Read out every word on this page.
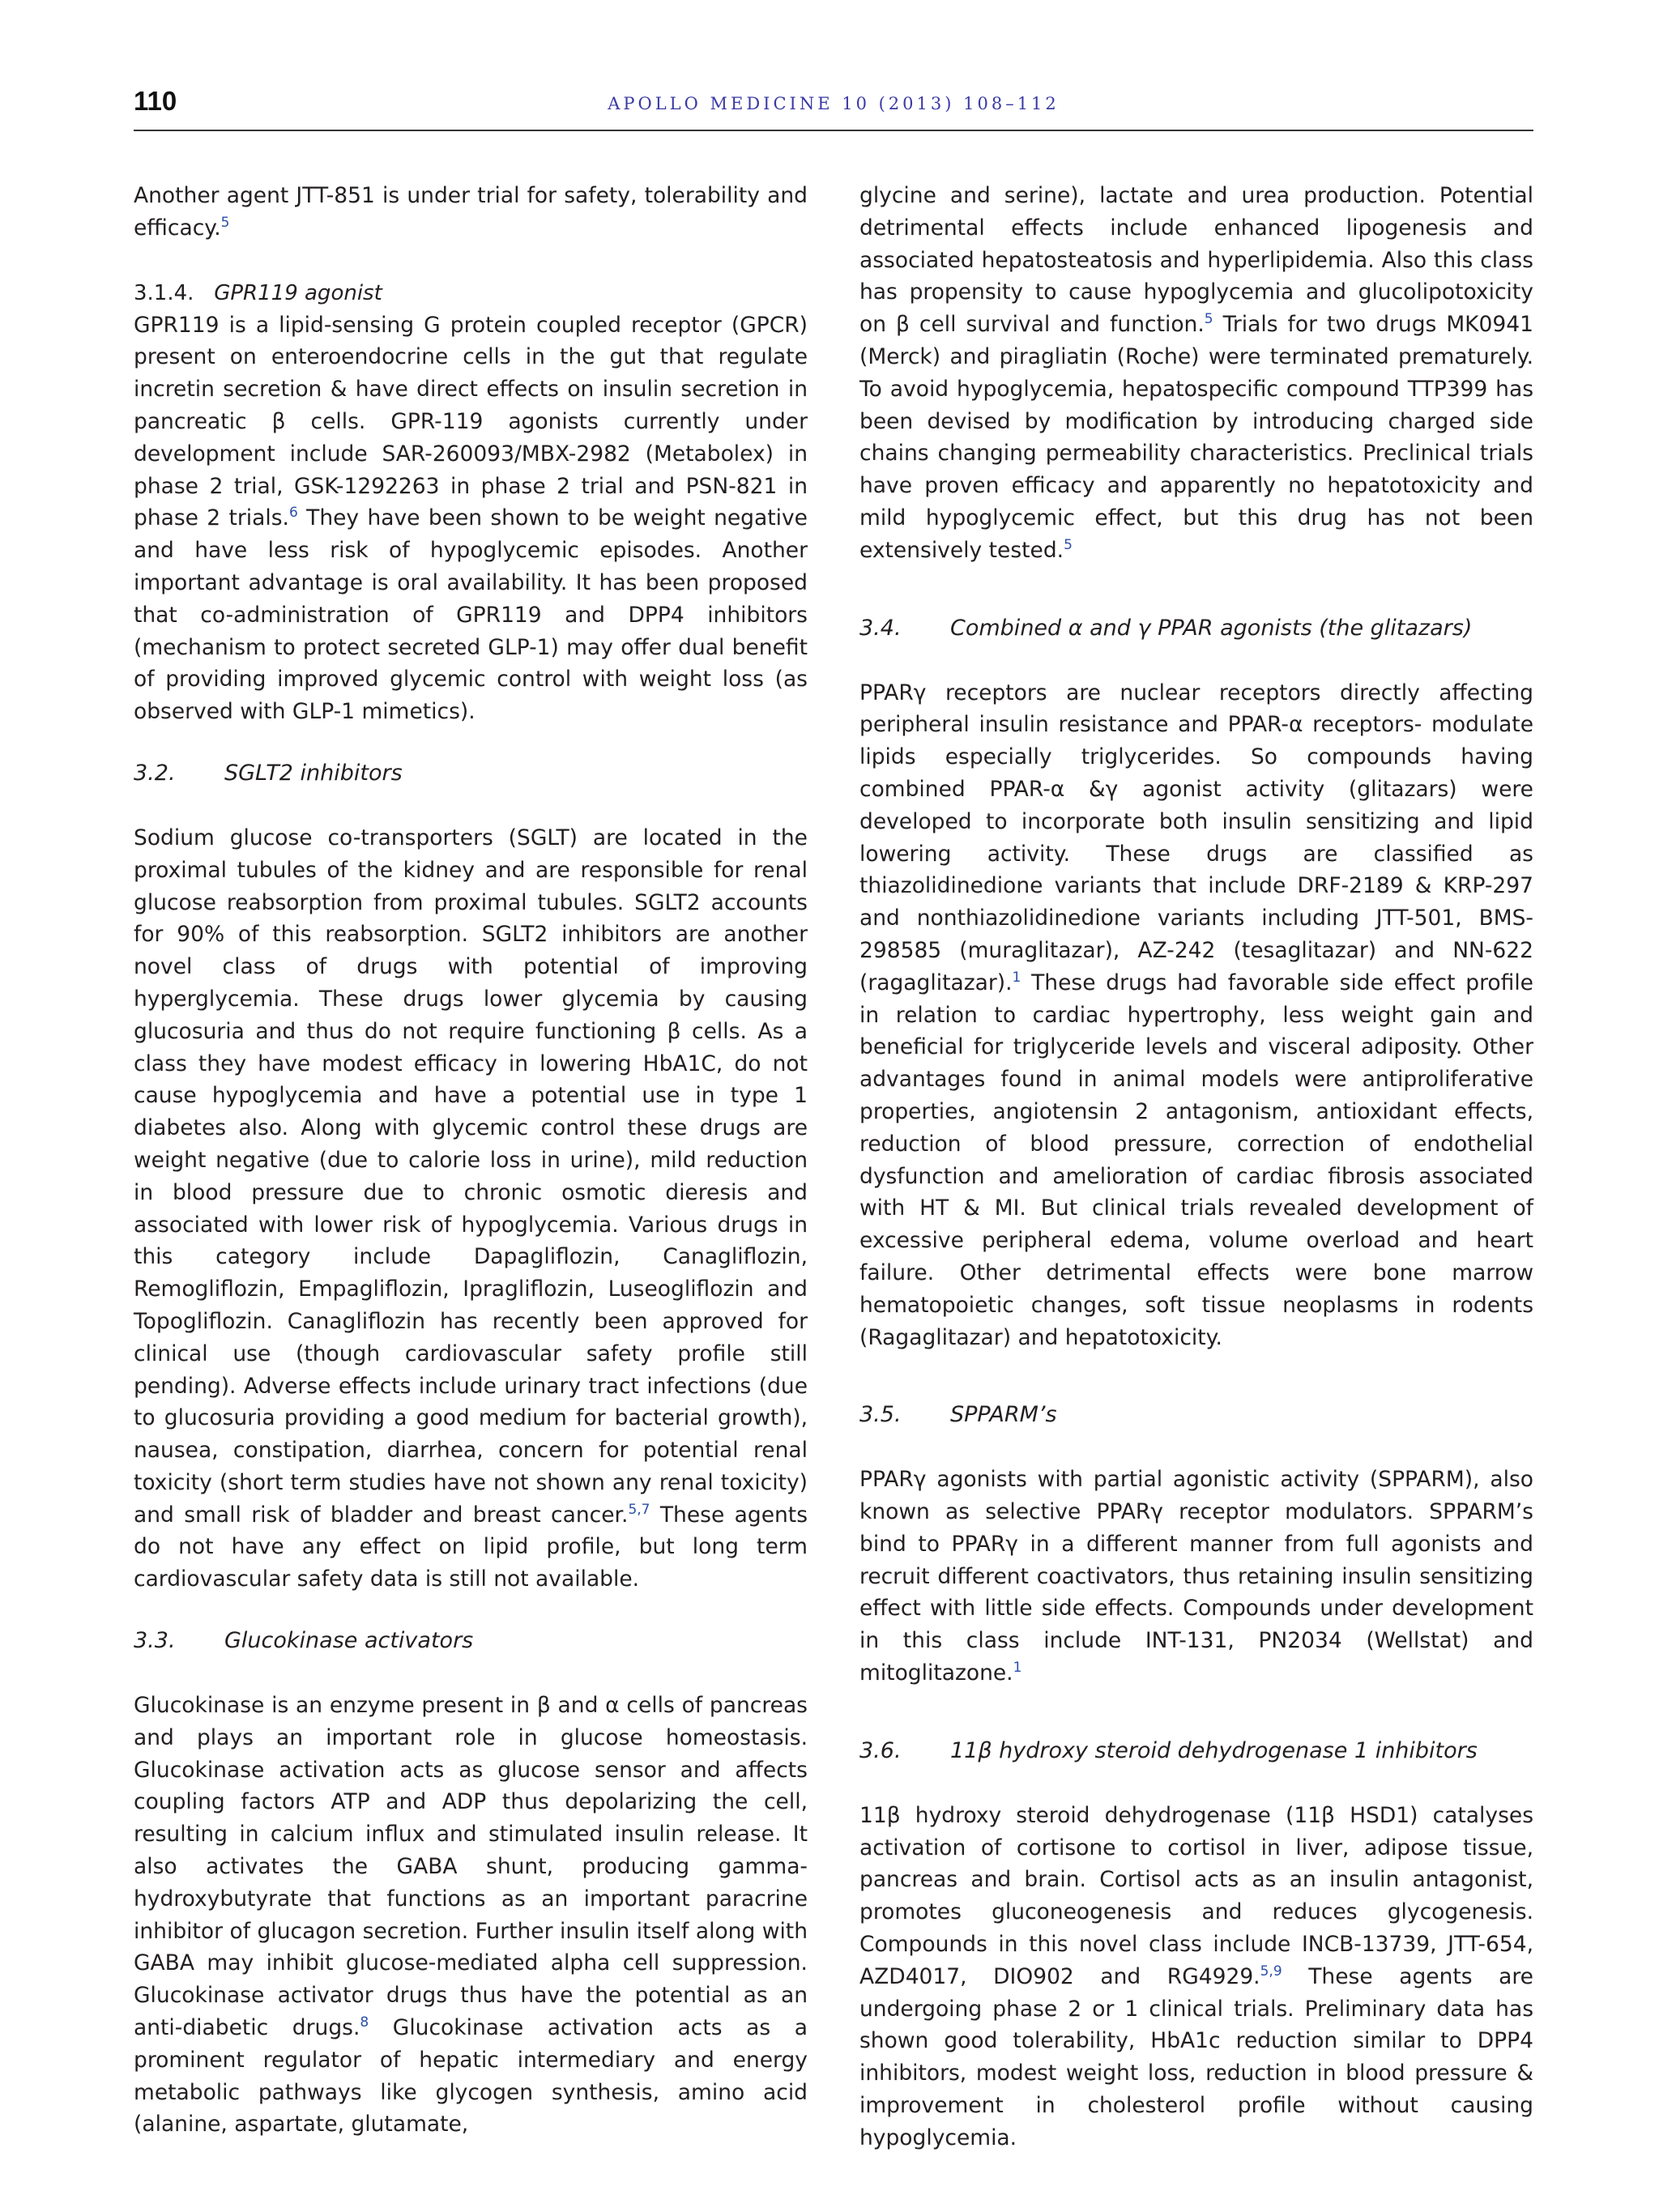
110	APOLLO MEDICINE 10 (2013) 108–112

Another agent JTT-851 is under trial for safety, tolerability and efficacy.$^5$

3.1.4. GPR119 agonist

GPR119 is a lipid-sensing G protein coupled receptor (GPCR) present on enteroendocrine cells in the gut that regulate incretin secretion & have direct effects on insulin secretion in pancreatic β cells. GPR-119 agonists currently under development include SAR-260093/MBX-2982 (Metabolex) in phase 2 trial, GSK-1292263 in phase 2 trial and PSN-821 in phase 2 trials.$^6$ They have been shown to be weight negative and have less risk of hypoglycemic episodes. Another important advantage is oral availability. It has been proposed that co-administration of GPR119 and DPP4 inhibitors (mechanism to protect secreted GLP-1) may offer dual benefit of providing improved glycemic control with weight loss (as observed with GLP-1 mimetics).

3.2.	SGLT2 inhibitors

Sodium glucose co-transporters (SGLT) are located in the proximal tubules of the kidney and are responsible for renal glucose reabsorption from proximal tubules. SGLT2 accounts for 90% of this reabsorption. SGLT2 inhibitors are another novel class of drugs with potential of improving hyperglycemia. These drugs lower glycemia by causing glucosuria and thus do not require functioning β cells. As a class they have modest efficacy in lowering HbA1C, do not cause hypoglycemia and have a potential use in type 1 diabetes also. Along with glycemic control these drugs are weight negative (due to calorie loss in urine), mild reduction in blood pressure due to chronic osmotic dieresis and associated with lower risk of hypoglycemia. Various drugs in this category include Dapagliflozin, Canagliflozin, Remogliflozin, Empagliflozin, Ipragliflozin, Luseogliflozin and Topogliflozin. Canagliflozin has recently been approved for clinical use (though cardiovascular safety profile still pending). Adverse effects include urinary tract infections (due to glucosuria providing a good medium for bacterial growth), nausea, constipation, diarrhea, concern for potential renal toxicity (short term studies have not shown any renal toxicity) and small risk of bladder and breast cancer.$^{5,7}$ These agents do not have any effect on lipid profile, but long term cardiovascular safety data is still not available.

3.3.	Glucokinase activators

Glucokinase is an enzyme present in β and α cells of pancreas and plays an important role in glucose homeostasis. Glucokinase activation acts as glucose sensor and affects coupling factors ATP and ADP thus depolarizing the cell, resulting in calcium influx and stimulated insulin release. It also activates the GABA shunt, producing gamma-hydroxybutyrate that functions as an important paracrine inhibitor of glucagon secretion. Further insulin itself along with GABA may inhibit glucose-mediated alpha cell suppression. Glucokinase activator drugs thus have the potential as an anti-diabetic drugs.$^8$ Glucokinase activation acts as a prominent regulator of hepatic intermediary and energy metabolic pathways like glycogen synthesis, amino acid (alanine, aspartate, glutamate,

glycine and serine), lactate and urea production. Potential detrimental effects include enhanced lipogenesis and associated hepatosteatosis and hyperlipidemia. Also this class has propensity to cause hypoglycemia and glucolipotoxicity on β cell survival and function.$^5$ Trials for two drugs MK0941 (Merck) and piragliatin (Roche) were terminated prematurely. To avoid hypoglycemia, hepatospecific compound TTP399 has been devised by modification by introducing charged side chains changing permeability characteristics. Preclinical trials have proven efficacy and apparently no hepatotoxicity and mild hypoglycemic effect, but this drug has not been extensively tested.$^5$

3.4.	Combined α and γ PPAR agonists (the glitazars)

PPARγ receptors are nuclear receptors directly affecting peripheral insulin resistance and PPAR-α receptors- modulate lipids especially triglycerides. So compounds having combined PPAR-α &γ agonist activity (glitazars) were developed to incorporate both insulin sensitizing and lipid lowering activity. These drugs are classified as thiazolidinedione variants that include DRF-2189 & KRP-297 and nonthiazolidinedione variants including JTT-501, BMS-298585 (muraglitazar), AZ-242 (tesaglitazar) and NN-622 (ragaglitazar).$^1$ These drugs had favorable side effect profile in relation to cardiac hypertrophy, less weight gain and beneficial for triglyceride levels and visceral adiposity. Other advantages found in animal models were antiproliferative properties, angiotensin 2 antagonism, antioxidant effects, reduction of blood pressure, correction of endothelial dysfunction and amelioration of cardiac fibrosis associated with HT & MI. But clinical trials revealed development of excessive peripheral edema, volume overload and heart failure. Other detrimental effects were bone marrow hematopoietic changes, soft tissue neoplasms in rodents (Ragaglitazar) and hepatotoxicity.

3.5.	SPPARM’s

PPARγ agonists with partial agonistic activity (SPPARM), also known as selective PPARγ receptor modulators. SPPARM’s bind to PPARγ in a different manner from full agonists and recruit different coactivators, thus retaining insulin sensitizing effect with little side effects. Compounds under development in this class include INT-131, PN2034 (Wellstat) and mitoglitazone.$^1$

3.6.	11β hydroxy steroid dehydrogenase 1 inhibitors

11β hydroxy steroid dehydrogenase (11β HSD1) catalyses activation of cortisone to cortisol in liver, adipose tissue, pancreas and brain. Cortisol acts as an insulin antagonist, promotes gluconeogenesis and reduces glycogenesis. Compounds in this novel class include INCB-13739, JTT-654, AZD4017, DIO902 and RG4929.$^{5,9}$ These agents are undergoing phase 2 or 1 clinical trials. Preliminary data has shown good tolerability, HbA1c reduction similar to DPP4 inhibitors, modest weight loss, reduction in blood pressure & improvement in cholesterol profile without causing hypoglycemia.
